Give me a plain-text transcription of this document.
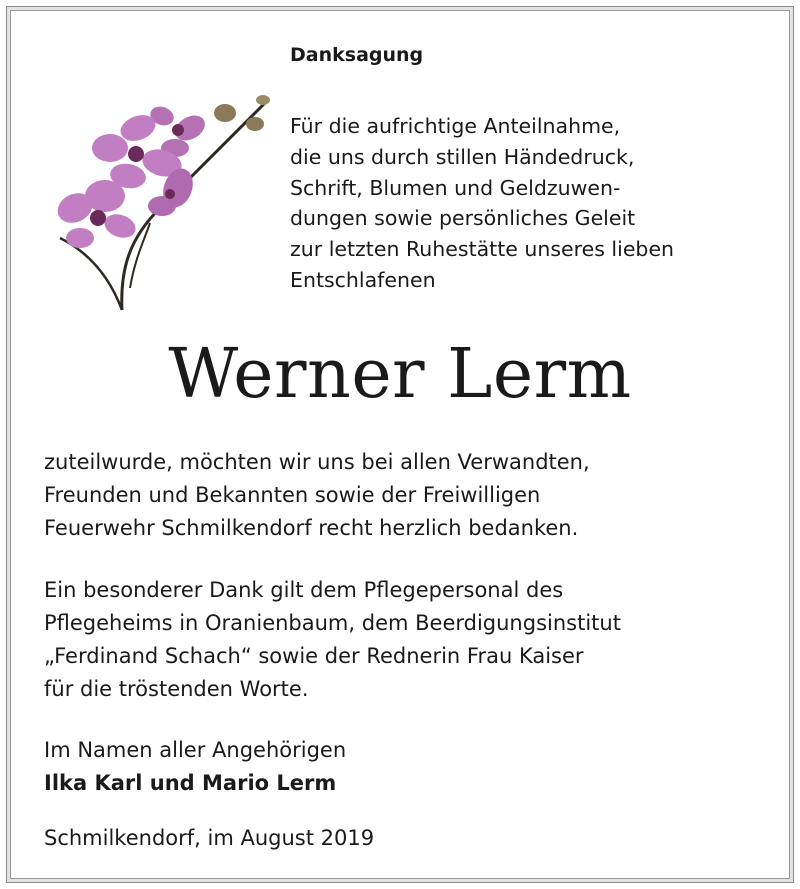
Danksagung
Für die aufrichtige Anteilnahme,
die uns durch stillen Händedruck,
Schrift, Blumen und Geldzuwen-
dungen sowie persönliches Geleit
zur letzten Ruhestätte unseres lieben
Entschlafenen
Werner Lerm
zuteilwurde, möchten wir uns bei allen Verwandten,
Freunden und Bekannten sowie der Freiwilligen
Feuerwehr Schmilkendorf recht herzlich bedanken.
Ein besonderer Dank gilt dem Pflegepersonal des
Pflegeheims in Oranienbaum, dem Beerdigungsinstitut
„Ferdinand Schach“ sowie der Rednerin Frau Kaiser
für die tröstenden Worte.
Im Namen aller Angehörigen
Ilka Karl und Mario Lerm
Schmilkendorf, im August 2019
